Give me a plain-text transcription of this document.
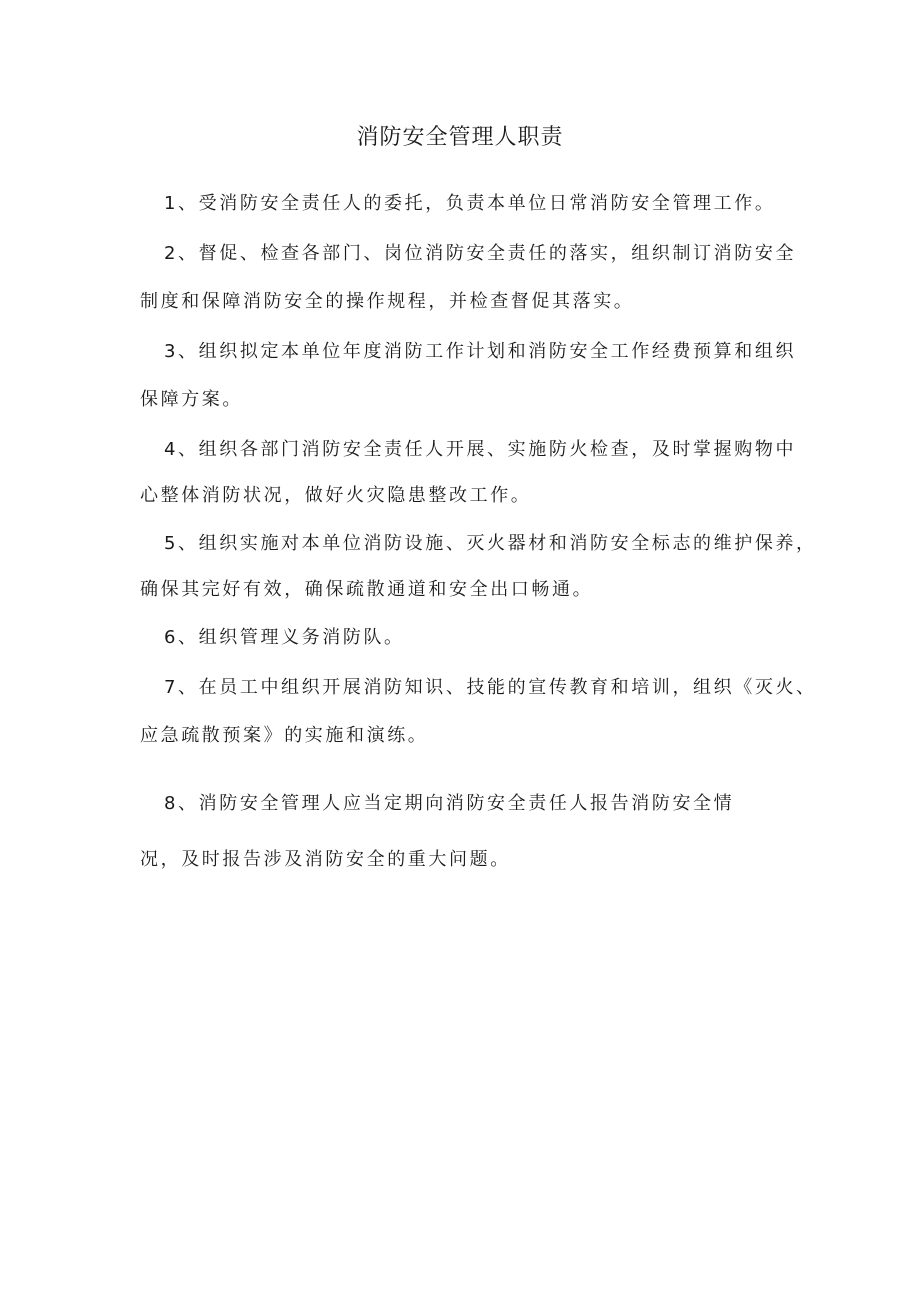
消防安全管理人职责
1、受消防安全责任人的委托，负责本单位日常消防安全管理工作。
2、督促、检查各部门、岗位消防安全责任的落实，组织制订消防安全
制度和保障消防安全的操作规程，并检查督促其落实。
3、组织拟定本单位年度消防工作计划和消防安全工作经费预算和组织
保障方案。
4、组织各部门消防安全责任人开展、实施防火检查，及时掌握购物中
心整体消防状况，做好火灾隐患整改工作。
5、组织实施对本单位消防设施、灭火器材和消防安全标志的维护保养，
确保其完好有效，确保疏散通道和安全出口畅通。
6、组织管理义务消防队。
7、在员工中组织开展消防知识、技能的宣传教育和培训，组织《灭火、
应急疏散预案》的实施和演练。
8、消防安全管理人应当定期向消防安全责任人报告消防安全情
况，及时报告涉及消防安全的重大问题。
